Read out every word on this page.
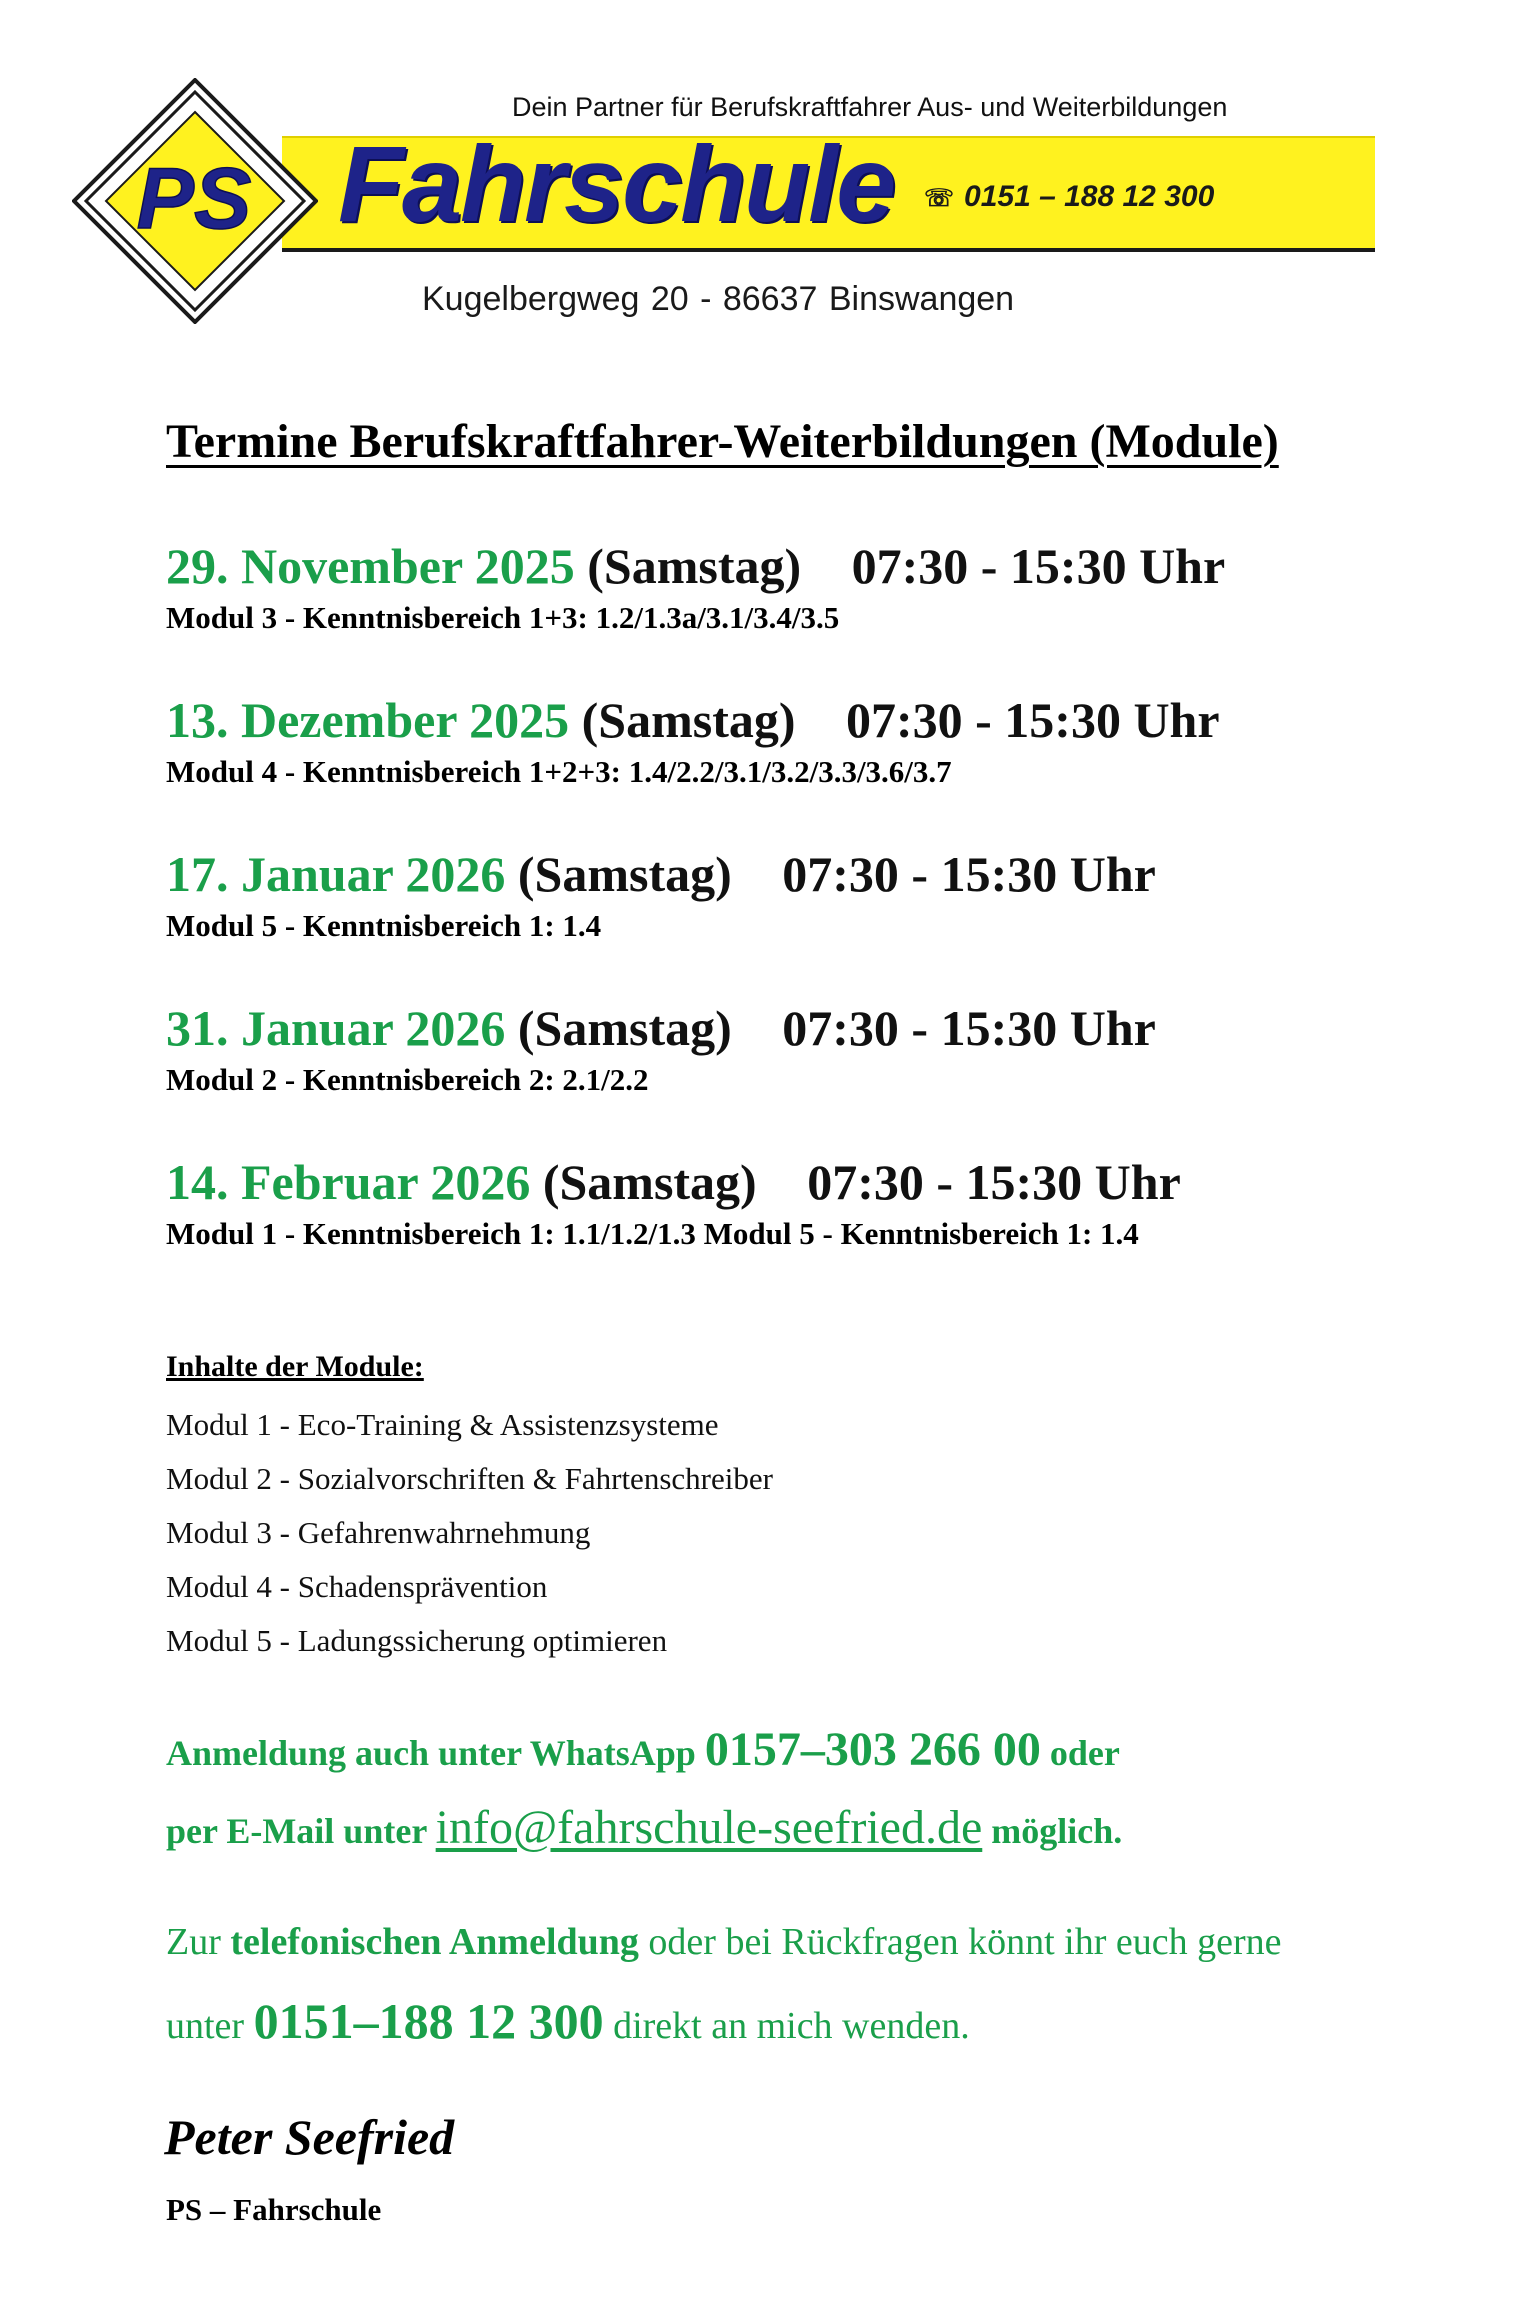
PS
Dein Partner für Berufskraftfahrer Aus- und Weiterbildungen
Fahrschule ☏ 0151 – 188 12 300
Kugelbergweg 20 - 86637 Binswangen
Termine Berufskraftfahrer-Weiterbildungen (Module)
29. November 2025 (Samstag) 07:30 - 15:30 Uhr
Modul 3 - Kenntnisbereich 1+3: 1.2/1.3a/3.1/3.4/3.5
13. Dezember 2025 (Samstag) 07:30 - 15:30 Uhr
Modul 4 - Kenntnisbereich 1+2+3: 1.4/2.2/3.1/3.2/3.3/3.6/3.7
17. Januar 2026 (Samstag) 07:30 - 15:30 Uhr
Modul 5 - Kenntnisbereich 1: 1.4
31. Januar 2026 (Samstag) 07:30 - 15:30 Uhr
Modul 2 - Kenntnisbereich 2: 2.1/2.2
14. Februar 2026 (Samstag) 07:30 - 15:30 Uhr
Modul 1 - Kenntnisbereich 1: 1.1/1.2/1.3 Modul 5 - Kenntnisbereich 1: 1.4
Inhalte der Module:
Modul 1 - Eco-Training & Assistenzsysteme
Modul 2 - Sozialvorschriften & Fahrtenschreiber
Modul 3 - Gefahrenwahrnehmung
Modul 4 - Schadensprävention
Modul 5 - Ladungssicherung optimieren
Anmeldung auch unter WhatsApp 0157–303 266 00 oder
per E-Mail unter info@fahrschule-seefried.de möglich.
Zur telefonischen Anmeldung oder bei Rückfragen könnt ihr euch gerne
unter 0151–188 12 300 direkt an mich wenden.
Peter Seefried
PS – Fahrschule
